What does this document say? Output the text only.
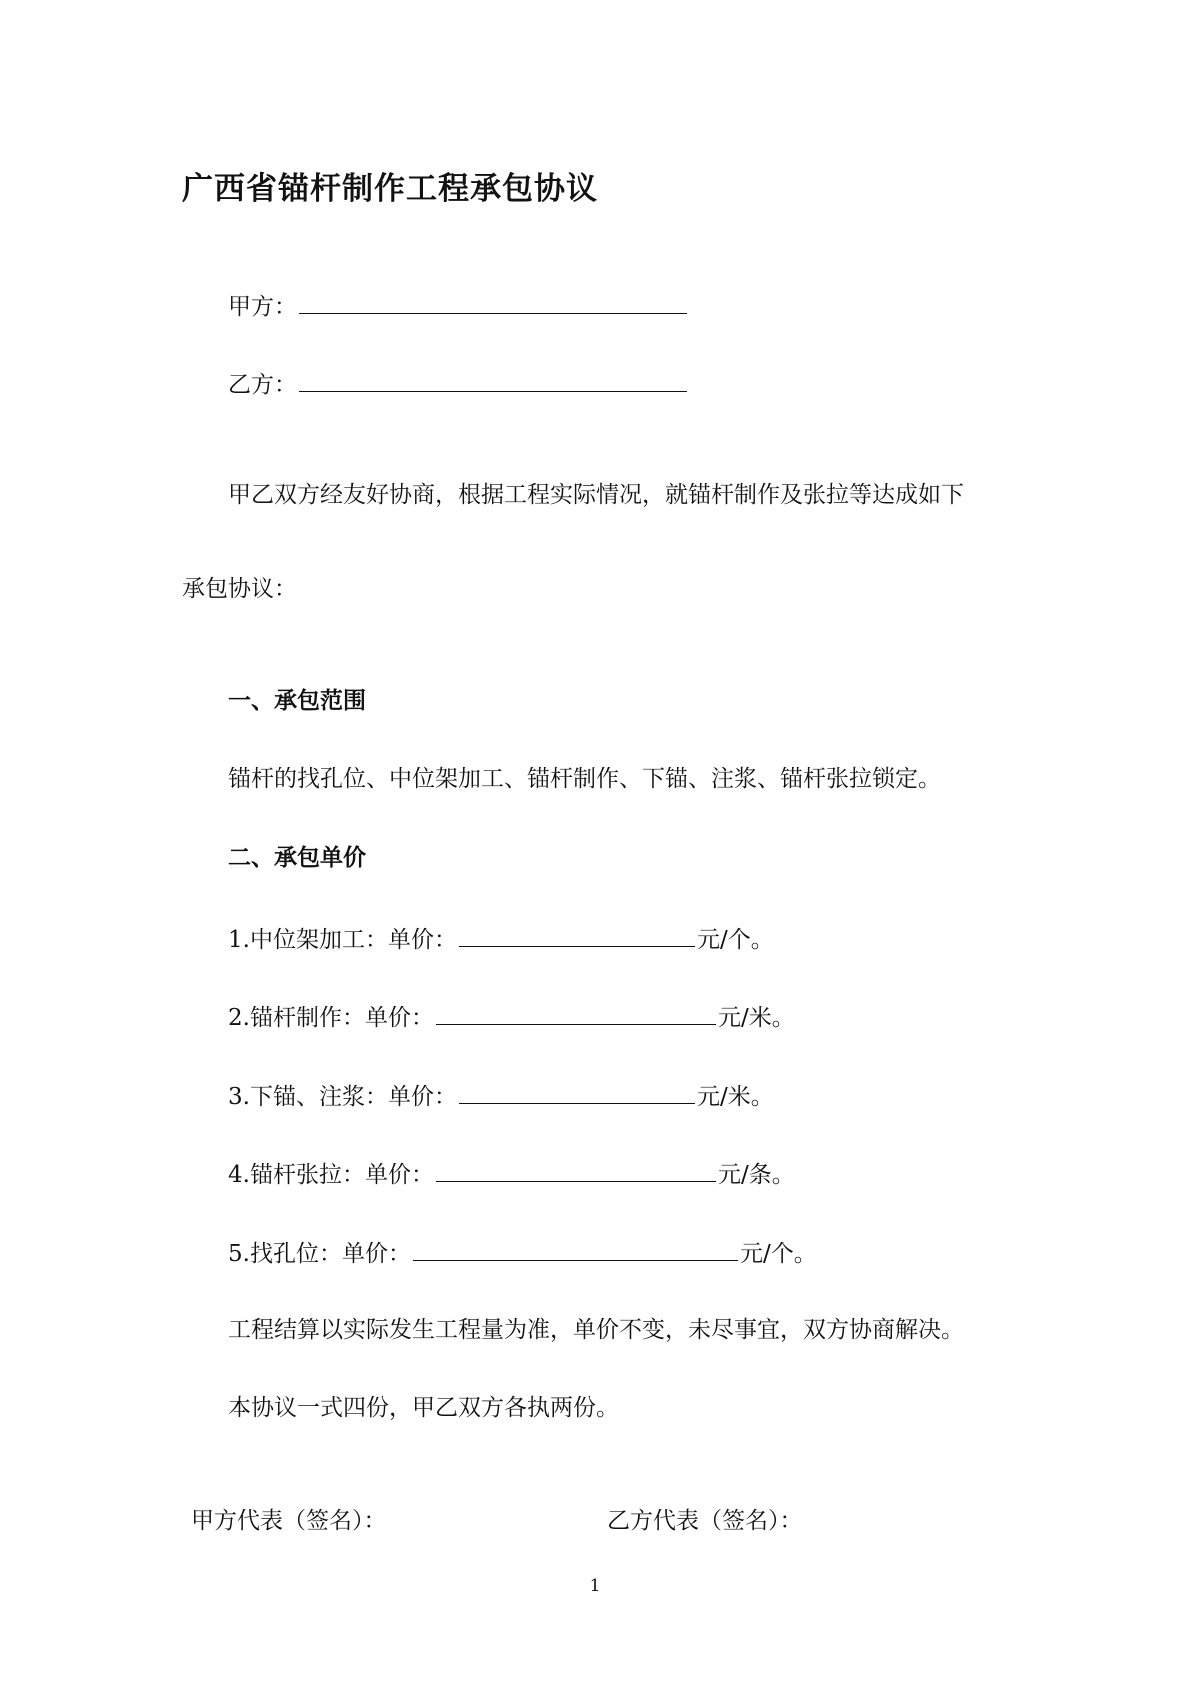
广西省锚杆制作工程承包协议
甲方：
乙方：
甲乙双方经友好协商，根据工程实际情况，就锚杆制作及张拉等达成如下
承包协议：
一、承包范围
锚杆的找孔位、中位架加工、锚杆制作、下锚、注浆、锚杆张拉锁定。
二、承包单价
1.中位架加工：单价：	元/个。
2.锚杆制作：单价：	元/米。
3.下锚、注浆：单价：	元/米。
4.锚杆张拉：单价：	元/条。
5.找孔位：单价：	元/个。
工程结算以实际发生工程量为准，单价不变，未尽事宜，双方协商解决。
本协议一式四份，甲乙双方各执两份。
甲方代表（签名）：	乙方代表（签名）：
1
